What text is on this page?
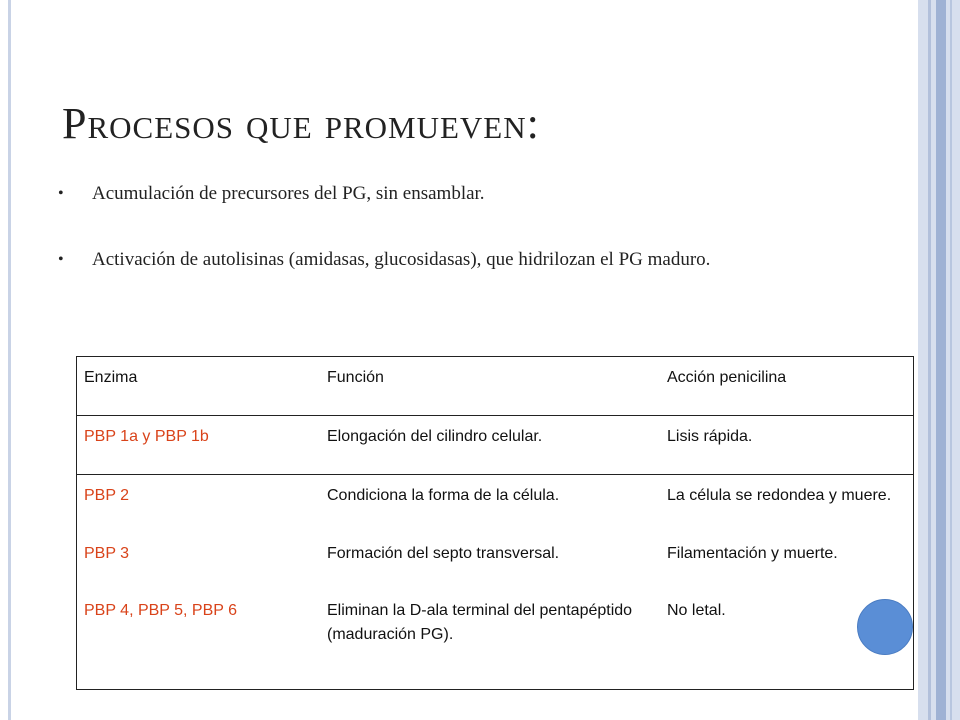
Procesos que promueven:
• Acumulación de precursores del PG, sin ensamblar.
• Activación de autolisinas (amidasas, glucosidasas), que hidrilozan el PG maduro.
Enzima	Función	Acción penicilina
PBP 1a y PBP 1b	Elongación del cilindro celular.	Lisis rápida.
PBP 2	Condiciona la forma de la célula.	La célula se redondea y muere.
PBP 3	Formación del septo transversal.	Filamentación y muerte.
PBP 4, PBP 5, PBP 6	Eliminan la D-ala terminal del pentapéptido (maduración PG).	No letal.
